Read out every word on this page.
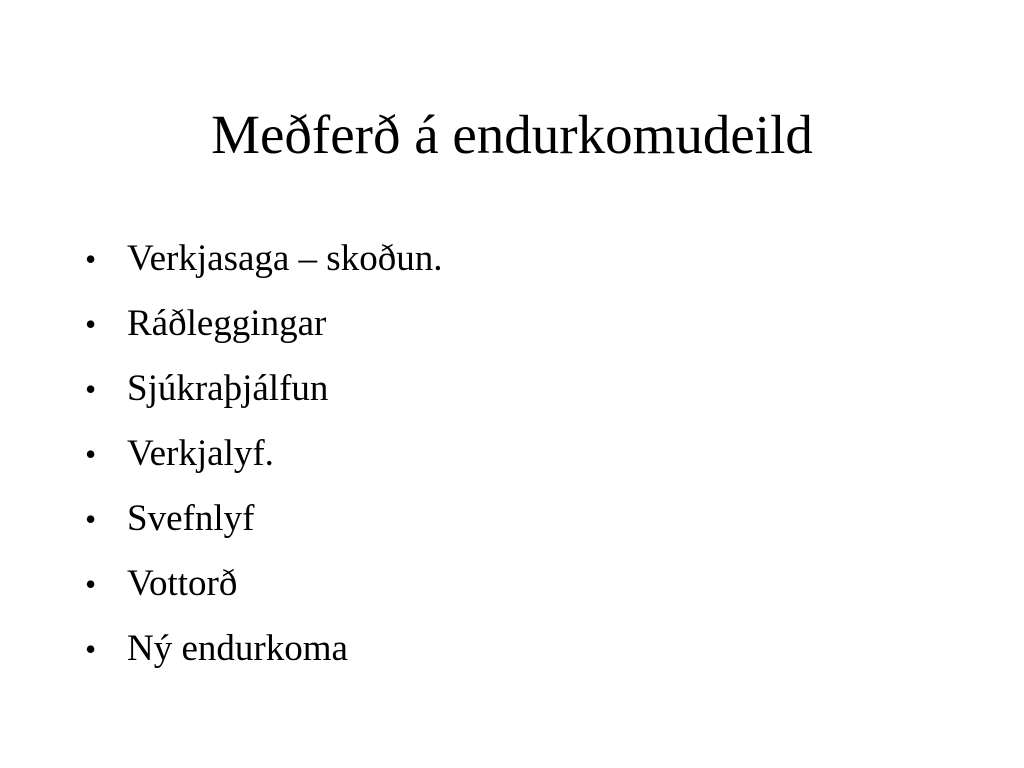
Meðferð á endurkomudeild
• Verkjasaga – skoðun.
• Ráðleggingar
• Sjúkraþjálfun
• Verkjalyf.
• Svefnlyf
• Vottorð
• Ný endurkoma
